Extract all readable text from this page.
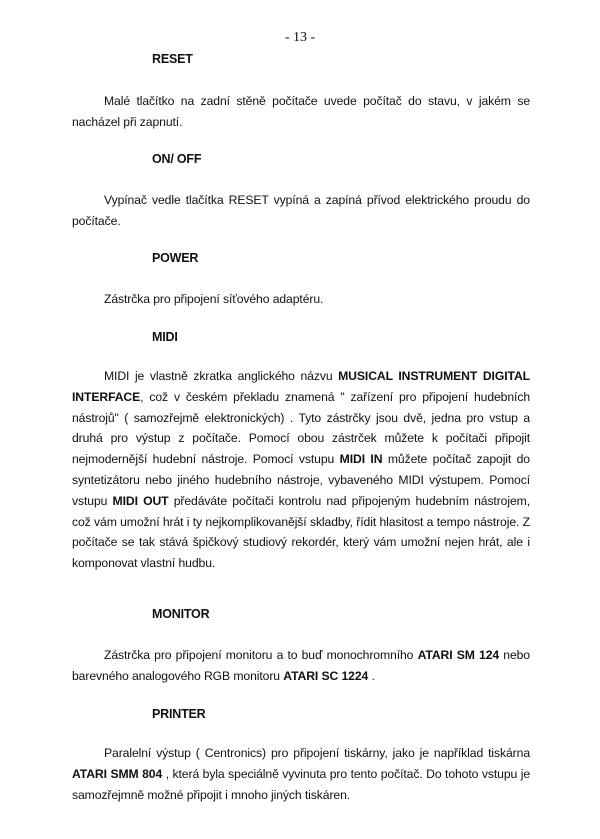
- 13 -
RESET
Malé tlačítko na zadní stěně počítače uvede počítač do stavu, v jakém se nacházel při zapnutí.
ON/ OFF
Vypínač vedle tlačítka RESET vypíná a zapíná přívod elektrického proudu do počítače.
POWER
Zástrčka pro připojení síťového adaptéru.
MIDI
MIDI je vlastně zkratka anglického názvu MUSICAL INSTRUMENT DIGITAL INTERFACE, což v českém překladu znamená " zařízení pro připojení hudebních nástrojů" ( samozřejmě elektronických) . Tyto zástrčky jsou dvě, jedna pro vstup a druhá pro výstup z počítače. Pomocí obou zástrček můžete k počítači připojit nejmodernější hudební nástroje. Pomocí vstupu MIDI IN můžete počítač zapojit do syntetizátoru nebo jiného hudebního nástroje, vybaveného MIDI výstupem. Pomocí vstupu MIDI OUT předáváte počítači kontrolu nad připojeným hudebním nástrojem, což vám umožní hrát i ty nejkomplikovanější skladby, řídit hlasitost a tempo nástroje. Z počítače se tak stává špičkový studiový rekordér, který vám umožní nejen hrát, ale i komponovat vlastní hudbu.
MONITOR
Zástrčka pro připojení monitoru a to buď monochromního ATARI SM 124 nebo barevného analogového RGB monitoru ATARI SC 1224 .
PRINTER
Paralelní výstup ( Centronics) pro připojení tiskárny, jako je například tiskárna ATARI SMM 804 , která byla speciálně vyvinuta pro tento počítač. Do tohoto vstupu je samozřejmně možné připojit i mnoho jiných tiskáren.
